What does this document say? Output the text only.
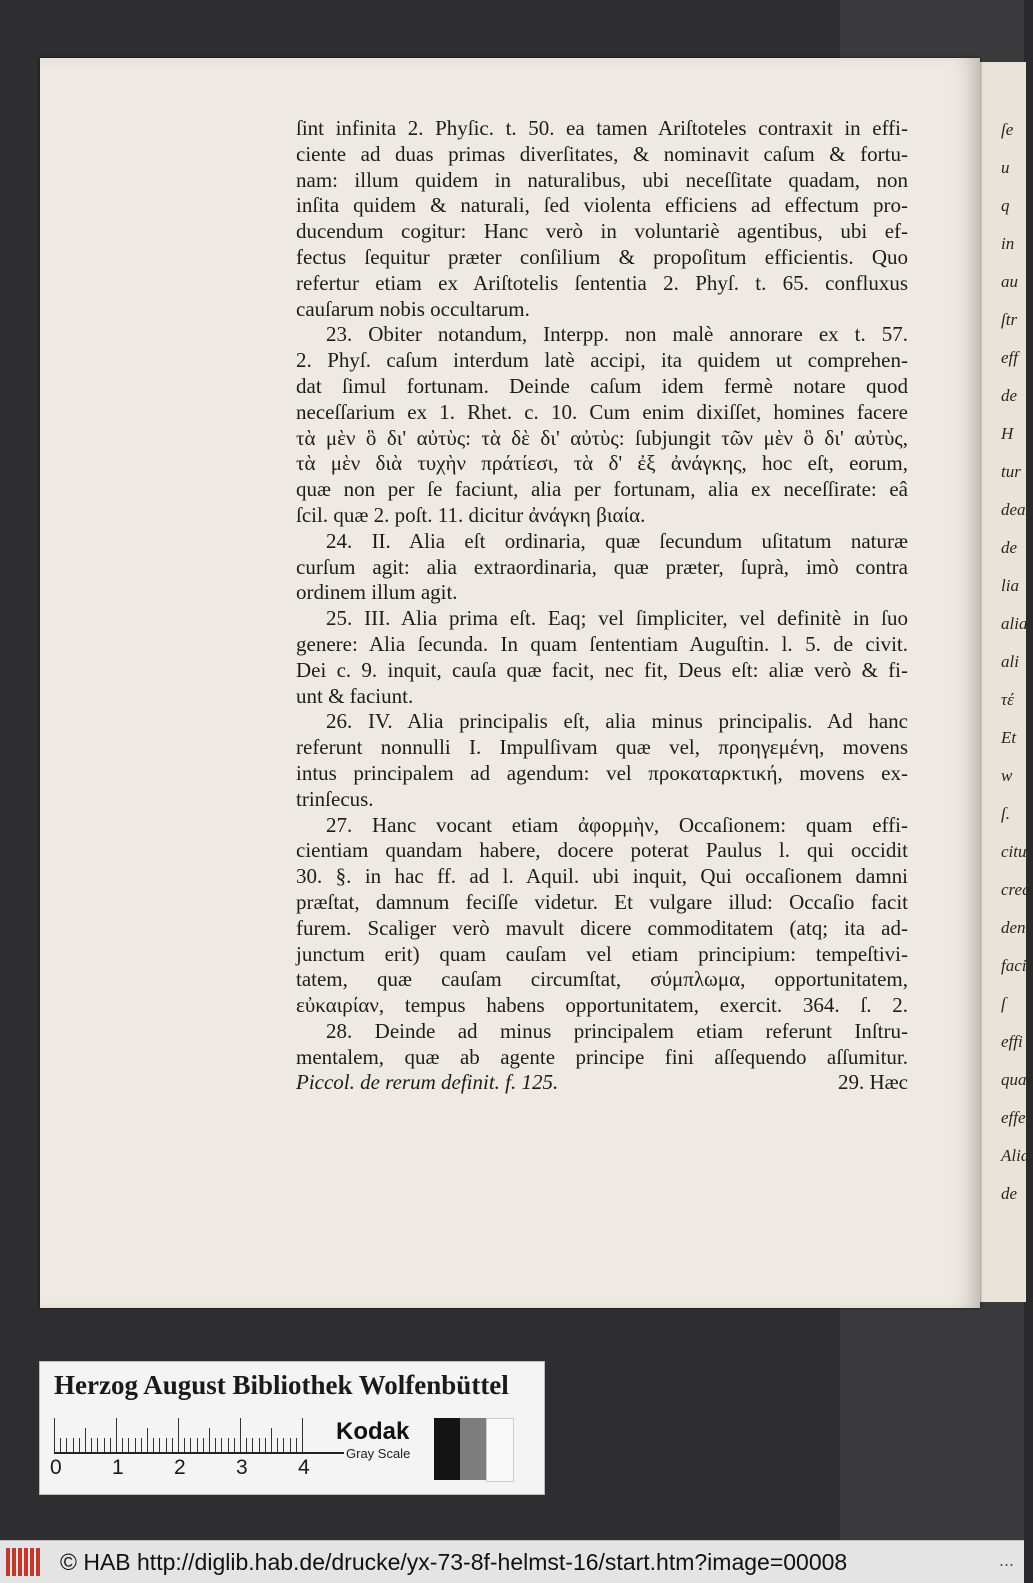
ſe
u
q
in
au
ſtr
eff
de
H
tur
dea
de
lia
alia
ali
τέ
Et
w
ſ.
citu
crea
den
faci
ſ
effi
quar
effe
Alia
de
ſint infinita 2. Phyſic. t. 50. ea tamen Ariſtoteles contraxit in effi-
ciente ad duas primas diverſitates, & nominavit caſum & fortu-
nam: illum quidem in naturalibus, ubi neceſſitate quadam, non
inſita quidem & naturali, ſed violenta efficiens ad effectum pro-
ducendum cogitur: Hanc verò in voluntariè agentibus, ubi ef-
fectus ſequitur præter conſilium & propoſitum efficientis. Quo
refertur etiam ex Ariſtotelis ſententia 2. Phyſ. t. 65. confluxus
cauſarum nobis occultarum.
23. Obiter notandum, Interpp. non malè annorare ex t. 57.
2. Phyſ. caſum interdum latè accipi, ita quidem ut comprehen-
dat ſimul fortunam. Deinde caſum idem fermè notare quod
neceſſarium ex 1. Rhet. c. 10. Cum enim dixiſſet, homines facere
τὰ μὲν ὃ δι' αὐτὺς: τὰ δὲ δι' αὐτὺς: ſubjungit τῶν μὲν ὃ δι' αὐτὺς,
τὰ μὲν διὰ τυχὴν πράτίεσι, τὰ δ' ἐξ ἀνάγκης, hoc eſt, eorum,
quæ non per ſe faciunt, alia per fortunam, alia ex neceſſirate: eâ
ſcil. quæ 2. poſt. 11. dicitur ἀνάγκη βιαία.
24. II. Alia eſt ordinaria, quæ ſecundum uſitatum naturæ
curſum agit: alia extraordinaria, quæ præter, ſuprà, imò contra
ordinem illum agit.
25. III. Alia prima eſt. Eaq; vel ſimpliciter, vel definitè in ſuo
genere: Alia ſecunda. In quam ſententiam Auguſtin. l. 5. de civit.
Dei c. 9. inquit, cauſa quæ facit, nec fit, Deus eſt: aliæ verò & fi-
unt & faciunt.
26. IV. Alia principalis eſt, alia minus principalis. Ad hanc
referunt nonnulli I. Impulſivam quæ vel, προηγεμένη, movens
intus principalem ad agendum: vel προκαταρκτική, movens ex-
trinſecus.
27. Hanc vocant etiam ἀφορμὴν, Occaſionem: quam effi-
cientiam quandam habere, docere poterat Paulus l. qui occidit
30. §. in hac ff. ad l. Aquil. ubi inquit, Qui occaſionem damni
præſtat, damnum feciſſe videtur. Et vulgare illud: Occaſio facit
furem. Scaliger verò mavult dicere commoditatem (atq; ita ad-
junctum erit) quam cauſam vel etiam principium: tempeſtivi-
tatem, quæ cauſam circumſtat, σύμπλωμα, opportunitatem,
εὐκαιρίαν, tempus habens opportunitatem, exercit. 364. ſ. 2.
28. Deinde ad minus principalem etiam referunt Inſtru-
mentalem, quæ ab agente principe fini aſſequendo aſſumitur.
Piccol. de rerum definit. f. 125.	29. Hæc
Herzog August Bibliothek Wolfenbüttel
0 1 2 3 4
Kodak
Gray Scale
© HAB http://diglib.hab.de/drucke/yx-73-8f-helmst-16/start.htm?image=00008	...
